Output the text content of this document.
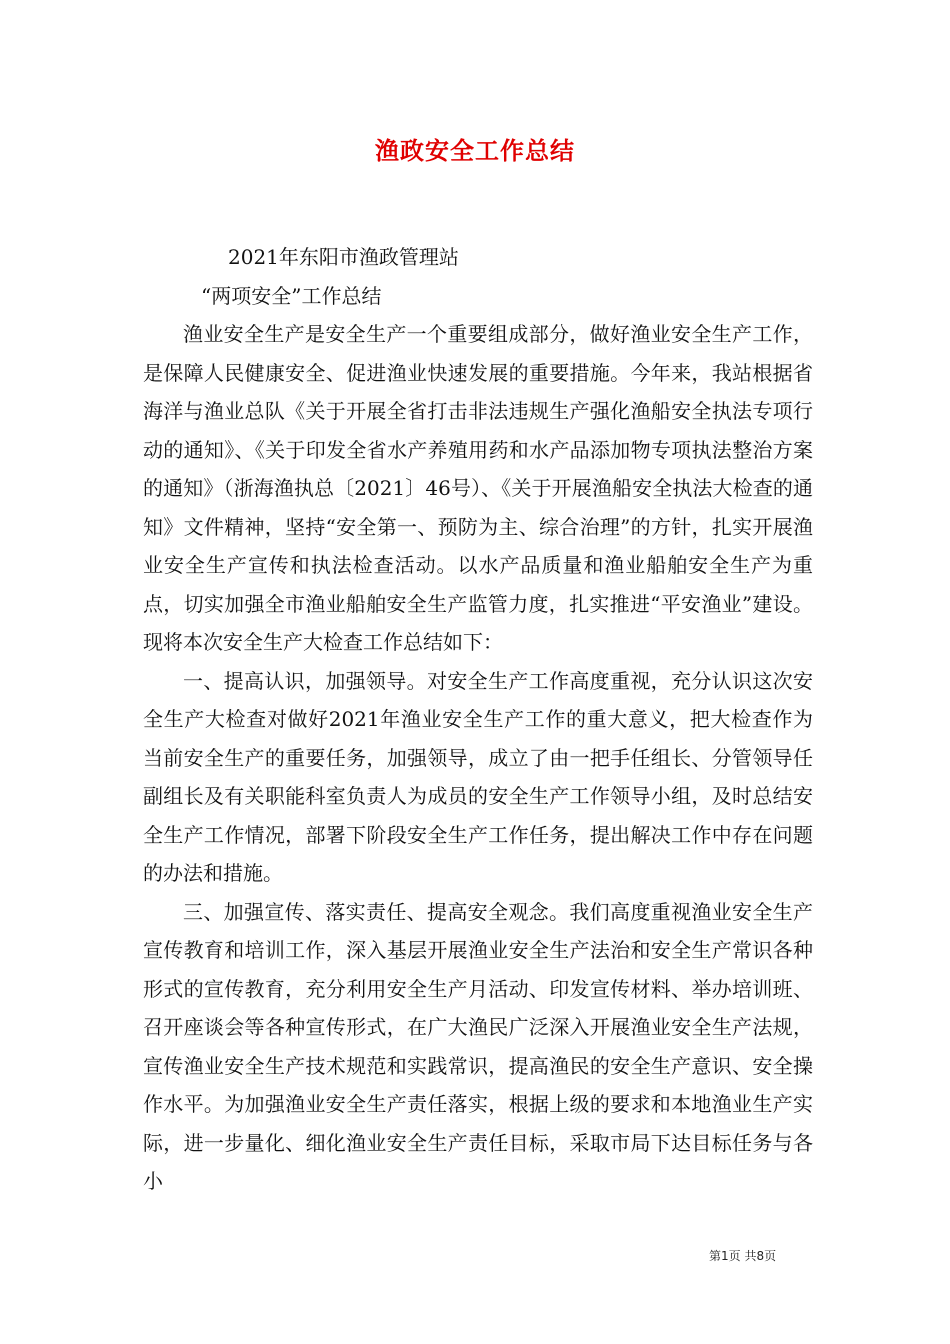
渔政安全工作总结

2021年东阳市渔政管理站

“两项安全”工作总结

渔业安全生产是安全生产一个重要组成部分，做好渔业安全生产工作，是保障人民健康安全、促进渔业快速发展的重要措施。今年来，我站根据省海洋与渔业总队《关于开展全省打击非法违规生产强化渔船安全执法专项行动的通知》、《关于印发全省水产养殖用药和水产品添加物专项执法整治方案的通知》（浙海渔执总〔2021〕46号）、《关于开展渔船安全执法大检查的通知》文件精神，坚持“安全第一、预防为主、综合治理”的方针，扎实开展渔业安全生产宣传和执法检查活动。以水产品质量和渔业船舶安全生产为重点，切实加强全市渔业船舶安全生产监管力度，扎实推进“平安渔业”建设。现将本次安全生产大检查工作总结如下：

一、提高认识，加强领导。对安全生产工作高度重视，充分认识这次安全生产大检查对做好2021年渔业安全生产工作的重大意义，把大检查作为当前安全生产的重要任务，加强领导，成立了由一把手任组长、分管领导任副组长及有关职能科室负责人为成员的安全生产工作领导小组，及时总结安全生产工作情况，部署下阶段安全生产工作任务，提出解决工作中存在问题的办法和措施。

三、加强宣传、落实责任、提高安全观念。我们高度重视渔业安全生产宣传教育和培训工作，深入基层开展渔业安全生产法治和安全生产常识各种形式的宣传教育，充分利用安全生产月活动、印发宣传材料、举办培训班、召开座谈会等各种宣传形式，在广大渔民广泛深入开展渔业安全生产法规，宣传渔业安全生产技术规范和实践常识，提高渔民的安全生产意识、安全操作水平。为加强渔业安全生产责任落实，根据上级的要求和本地渔业生产实际，进一步量化、细化渔业安全生产责任目标，采取市局下达目标任务与各小

第1页 共8页
